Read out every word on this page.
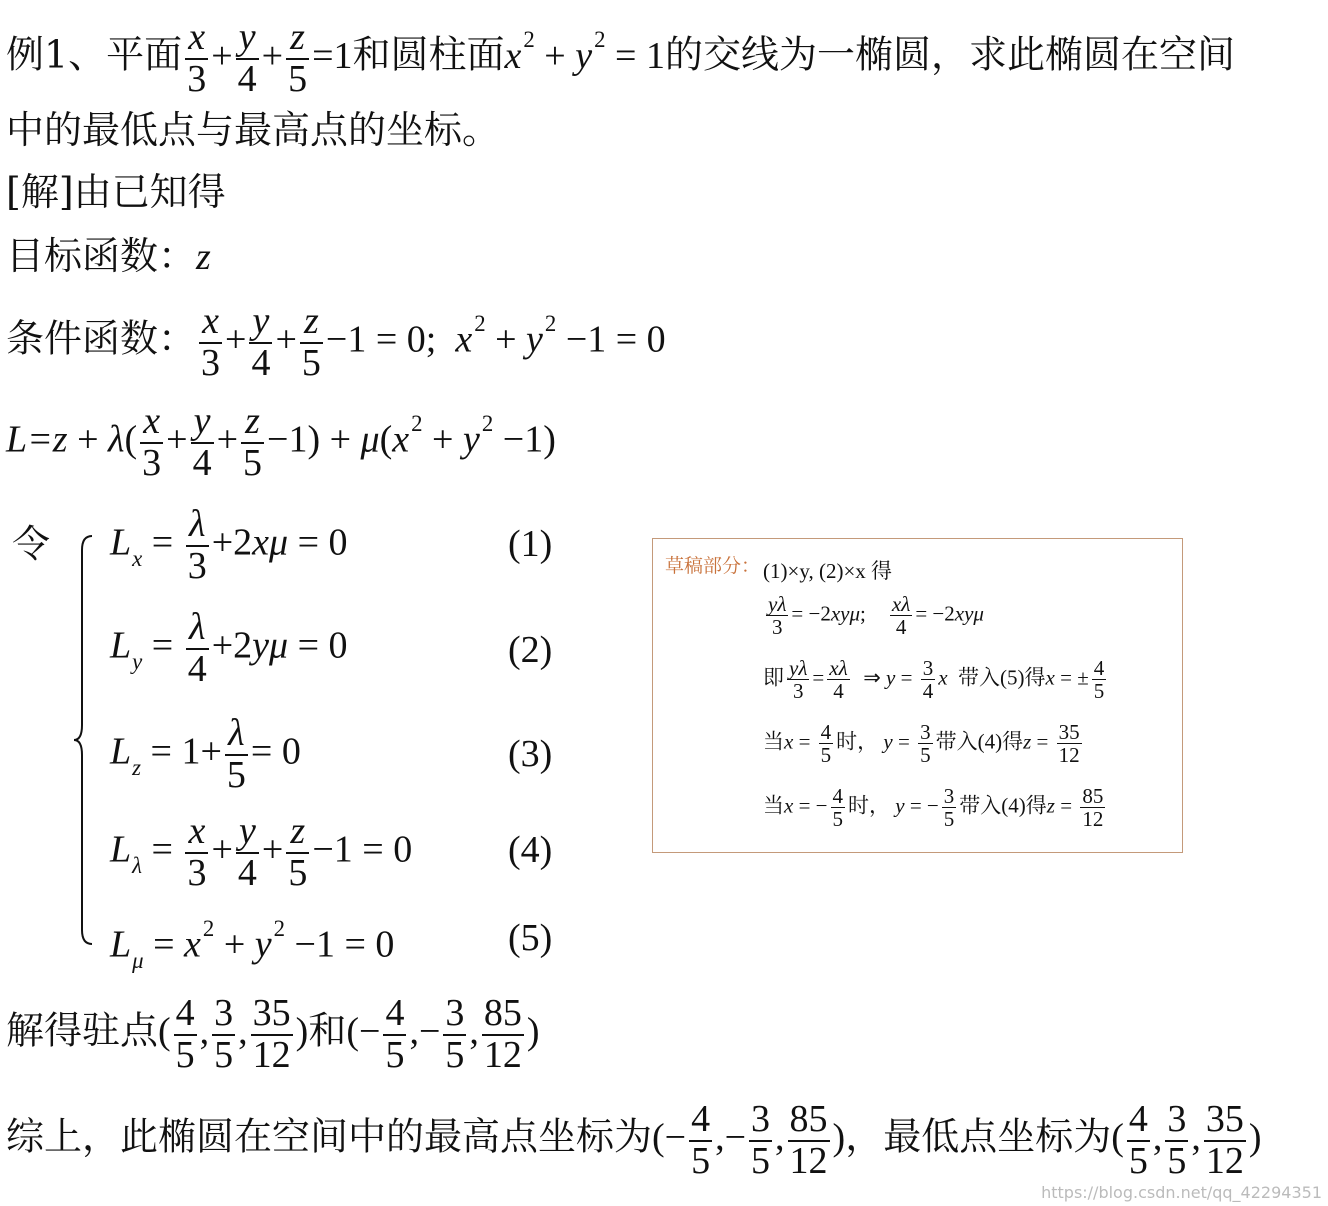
例1、平面 $\frac{x}{3} + \frac{y}{4} + \frac{z}{5} =1$和圆柱面$x^2 + y^2 = 1$的交线为一椭圆，求此椭圆在空间
中的最低点与最高点的坐标。
[解]由已知得
目标函数：z
条件函数： $\frac{x}{3} + \frac{y}{4} + \frac{z}{5} -1 = 0$;  $x^2 + y^2 -1 = 0$
$L=z + \lambda( \frac{x}{3} + \frac{y}{4} + \frac{z}{5} -1) + \mu(x^2 + y^2 -1)$
令 $L_x = \frac{\lambda}{3} +2x\mu = 0$	(1)
$L_y = \frac{\lambda}{4} +2y\mu = 0$	(2)
$L_z = 1+ \frac{\lambda}{5} = 0$	(3)
$L_\lambda = \frac{x}{3} + \frac{y}{4} + \frac{z}{5} -1 = 0$	(4)
$L_\mu = x^2 + y^2 -1 = 0$	(5)
草稿部分： (1)×y, (2)×x 得
$\frac{y\lambda}{3} = -2xy\mu$; $\frac{x\lambda}{4} = -2xy\mu$
即 $\frac{y\lambda}{3} = \frac{x\lambda}{4}$ ⇒ $y = \frac{3}{4}$ x 带入(5)得x = ± $\frac{4}{5}$
当$x = \frac{4}{5}$ 时， $y = \frac{3}{5}$ 带入(4)得$z = \frac{35}{12}$
当x = − $\frac{4}{5}$ 时， y = − $\frac{3}{5}$ 带入(4)得$z = \frac{85}{12}$
解得驻点( $\frac{4}{5}$ , $\frac{3}{5}$ , $\frac{35}{12}$ )和(− $\frac{4}{5}$ ,− $\frac{3}{5}$ , $\frac{85}{12}$ )
综上，此椭圆在空间中的最高点坐标为(− $\frac{4}{5}$ ,− $\frac{3}{5}$ , $\frac{85}{12}$ )，最低点坐标为( $\frac{4}{5}$ , $\frac{3}{5}$ , $\frac{35}{12}$ )
https://blog.csdn.net/qq_42294351
